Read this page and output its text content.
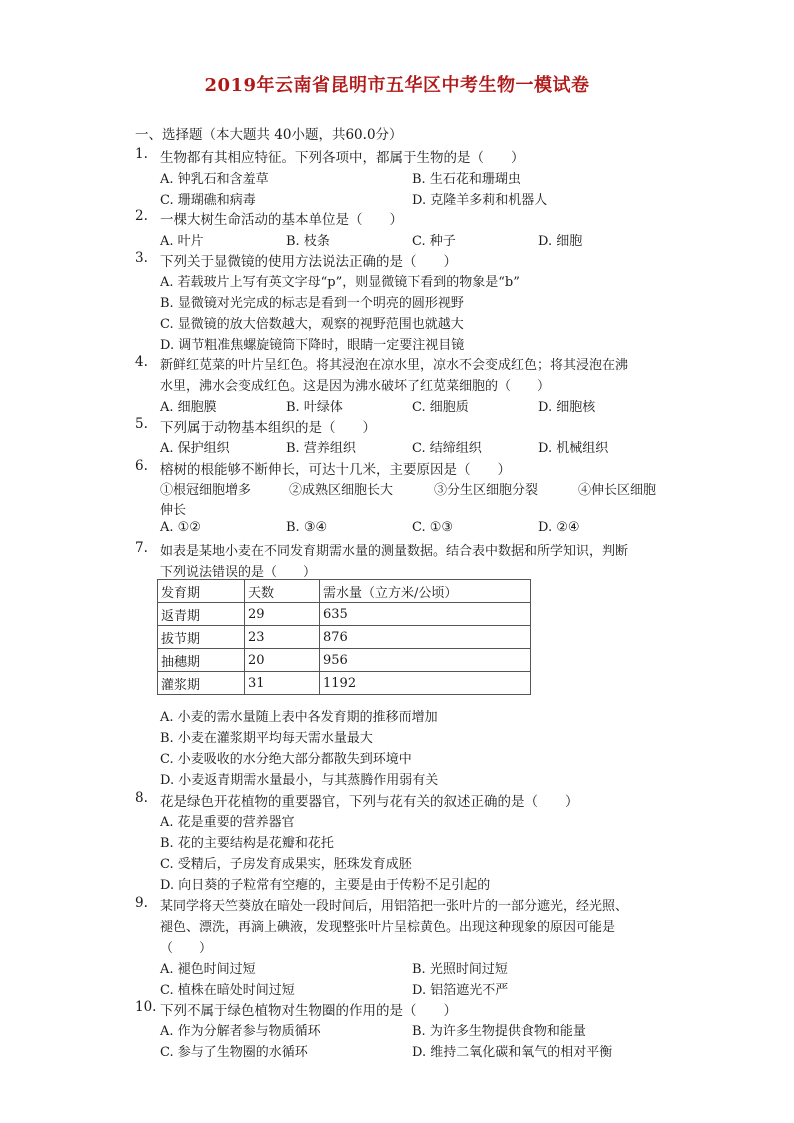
2019年云南省昆明市五华区中考生物一模试卷
一、选择题（本大题共 40小题，共60.0分）
1. 生物都有其相应特征。下列各项中，都属于生物的是（　　）
A. 钟乳石和含羞草	B. 生石花和珊瑚虫
C. 珊瑚礁和病毒	D. 克隆羊多莉和机器人
2. 一棵大树生命活动的基本单位是（　　）
A. 叶片	B. 枝条	C. 种子	D. 细胞
3. 下列关于显微镜的使用方法说法正确的是（　　）
A. 若载玻片上写有英文字母“p”，则显微镜下看到的物象是“b”
B. 显微镜对光完成的标志是看到一个明亮的圆形视野
C. 显微镜的放大倍数越大，观察的视野范围也就越大
D. 调节粗准焦螺旋镜筒下降时，眼睛一定要注视目镜
4. 新鲜红苋菜的叶片呈红色。将其浸泡在凉水里，凉水不会变成红色；将其浸泡在沸
水里，沸水会变成红色。这是因为沸水破坏了红苋菜细胞的（　　）
A. 细胞膜	B. 叶绿体	C. 细胞质	D. 细胞核
5. 下列属于动物基本组织的是（　　）
A. 保护组织	B. 营养组织	C. 结缔组织	D. 机械组织
6. 榕树的根能够不断伸长，可达十几米，主要原因是（　　）
①根冠细胞增多	②成熟区细胞长大	③分生区细胞分裂	④伸长区细胞
伸长
A. ①②	B. ③④	C. ①③	D. ②④
7. 如表是某地小麦在不同发育期需水量的测量数据。结合表中数据和所学知识，判断
下列说法错误的是（　　）
发育期	天数	需水量（立方米/公顷）
返青期	29	635
拔节期	23	876
抽穗期	20	956
灌浆期	31	1192
A. 小麦的需水量随上表中各发育期的推移而增加
B. 小麦在灌浆期平均每天需水量最大
C. 小麦吸收的水分绝大部分都散失到环境中
D. 小麦返青期需水量最小，与其蒸腾作用弱有关
8. 花是绿色开花植物的重要器官，下列与花有关的叙述正确的是（　　）
A. 花是重要的营养器官
B. 花的主要结构是花瓣和花托
C. 受精后，子房发育成果实，胚珠发育成胚
D. 向日葵的子粒常有空瘪的，主要是由于传粉不足引起的
9. 某同学将天竺葵放在暗处一段时间后，用铝箔把一张叶片的一部分遮光，经光照、
褪色、漂洗，再滴上碘液，发现整张叶片呈棕黄色。出现这种现象的原因可能是
（　　）
A. 褪色时间过短	B. 光照时间过短
C. 植株在暗处时间过短	D. 铝箔遮光不严
10. 下列不属于绿色植物对生物圈的作用的是（　　）
A. 作为分解者参与物质循环	B. 为许多生物提供食物和能量
C. 参与了生物圈的水循环	D. 维持二氧化碳和氧气的相对平衡
